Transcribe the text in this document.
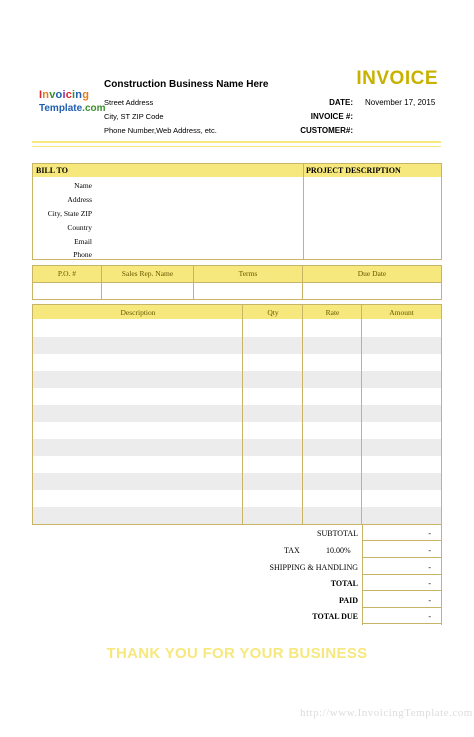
Invoicing
Template.com
Construction Business Name Here
Street Address
City, ST ZIP Code
Phone Number,Web Address, etc.
INVOICE
DATE: November 17, 2015
INVOICE #:
CUSTOMER#:
BILL TO	PROJECT DESCRIPTION
Name
Address
City, State ZIP
Country
Email
Phone
P.O. #	Sales Rep. Name	Terms	Due Date
Description	Qty	Rate	Amount
SUBTOTAL	-
TAX	10.00%	-
SHIPPING & HANDLING	-
TOTAL	-
PAID	-
TOTAL DUE	-
THANK YOU FOR YOUR BUSINESS
http://www.InvoicingTemplate.com
